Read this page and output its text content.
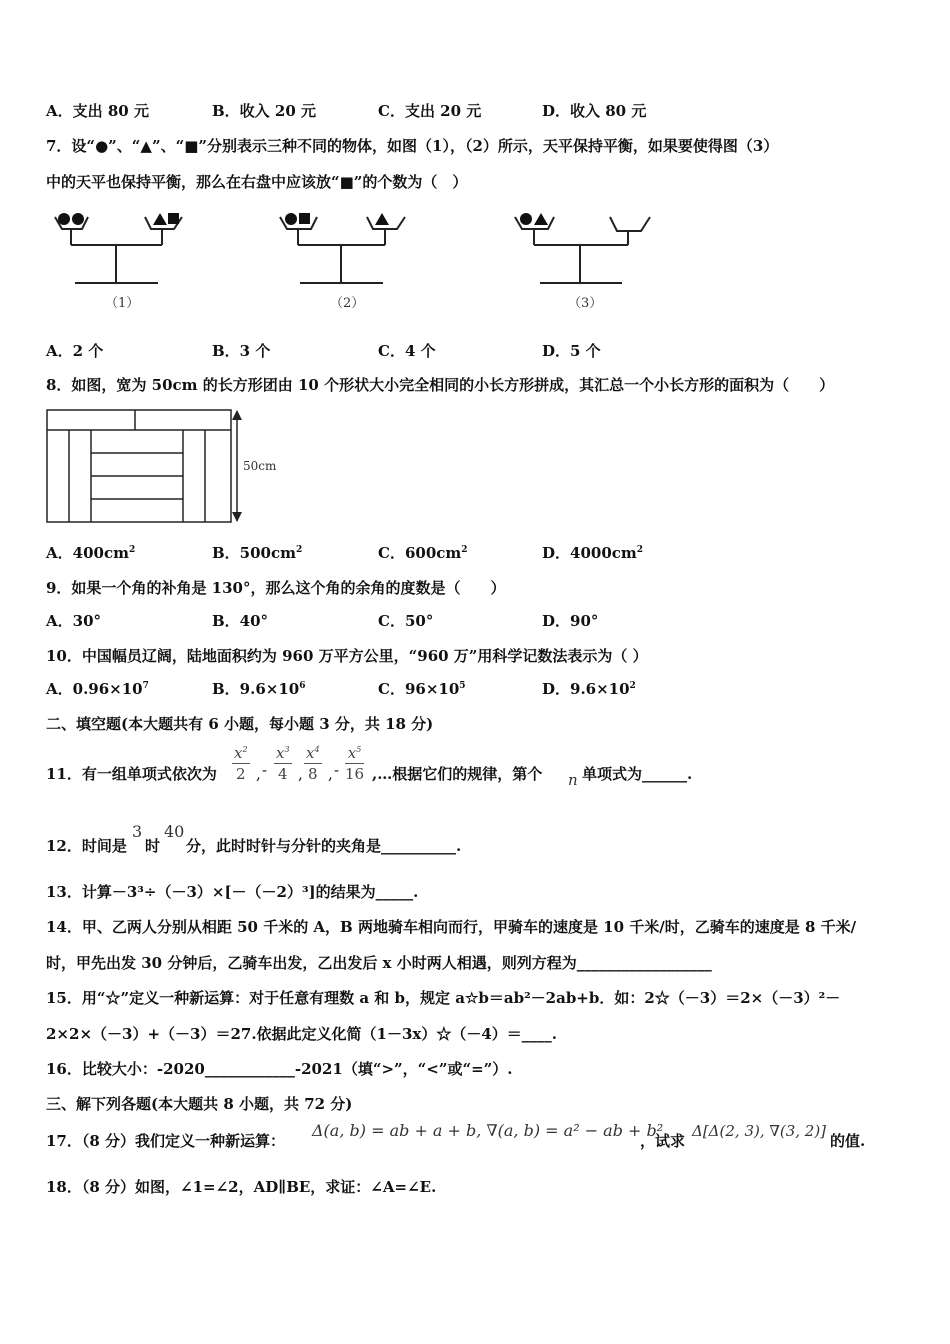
A．支出 80 元	B．收入 20 元	C．支出 20 元	D．收入 80 元
7．设“●”、“▲”、“■”分别表示三种不同的物体，如图（1），（2）所示，天平保持平衡，如果要使得图（3）
中的天平也保持平衡，那么在右盘中应该放“■”的个数为（　）
（1）	（2）	（3）
A．2 个	B．3 个	C．4 个	D．5 个
8．如图，宽为 50cm 的长方形团由 10 个形状大小完全相同的小长方形拼成，其汇总一个小长方形的面积为（　　）
50cm
A．$400cm^2$	B．$500cm^2$	C．$600cm^2$	D．$4000cm^2$
9．如果一个角的补角是 130°，那么这个角的余角的度数是（　　）
A．30°	B．40°	C．50°	D．90°
10．中国幅员辽阔，陆地面积约为 960 万平方公里，“960 万”用科学记数法表示为（ ）
A．$0.96\times 10^7$	B．$9.6\times 10^6$	C．$96\times 10^5$	D．$9.6\times 10^2$
二、填空题(本大题共有 6 小题，每小题 3 分，共 18 分)
11．有一组单项式依次为 $\frac{x^2}{2}$ , - $\frac{x^3}{4}$ , $\frac{x^4}{8}$ , - $\frac{x^5}{16}$ ,…根据它们的规律，第个 n 单项式为______.
12．时间是
3
时
40
分，此时时针与分针的夹角是__________.
13．计算－3³÷（－3）×[－（－2）³]的结果为_____.
14．甲、乙两人分别从相距 50 千米的 A，B 两地骑车相向而行，甲骑车的速度是 10 千米/时，乙骑车的速度是 8 千米/
时，甲先出发 30 分钟后，乙骑车出发，乙出发后 x 小时两人相遇，则列方程为__________________
15．用“☆”定义一种新运算：对于任意有理数 a 和 b，规定 a☆b＝ab²－2ab+b．如：2☆（－3）＝2×（－3）²－
2×2×（－3）+（－3）＝27.依据此定义化简（1－3x）☆（－4）＝____.
16．比较大小：-2020____________-2021（填“>”，“<”或“=”）.
三、解下列各题(本大题共 8 小题，共 72 分)
17．（8 分）我们定义一种新运算：
Δ(a, b) = ab + a + b, ∇(a, b) = a² − ab + b²
，试求
Δ[Δ(2, 3), ∇(3, 2)]
的值.
18．（8 分）如图，∠1=∠2，AD∥BE，求证：∠A=∠E.
